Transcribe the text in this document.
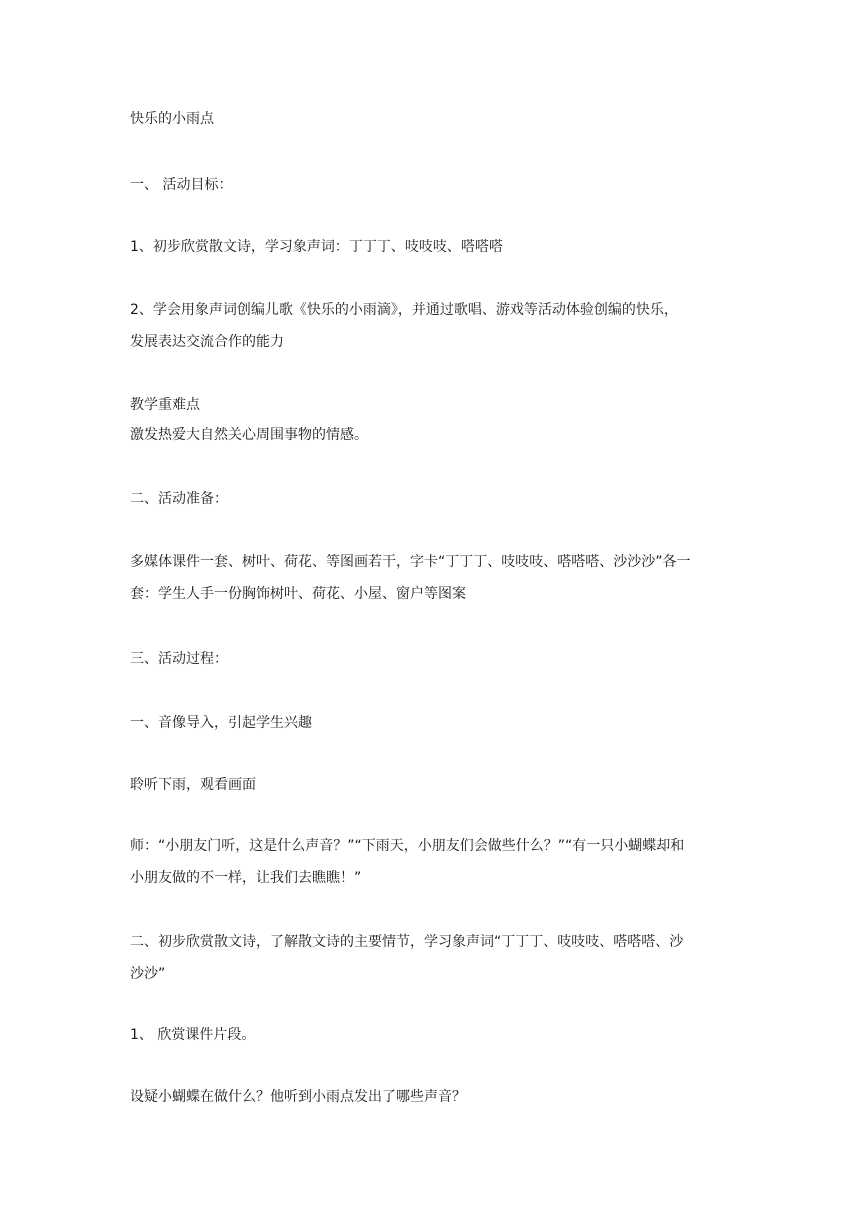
快乐的小雨点
一、 活动目标：
1、初步欣赏散文诗，学习象声词：丁丁丁、吱吱吱、嗒嗒嗒

2、学会用象声词创编儿歌《快乐的小雨滴》，并通过歌唱、游戏等活动体验创编的快乐，

发展表达交流合作的能力

教学重难点
激发热爱大自然关心周围事物的情感。
二、活动准备：

多媒体课件一套、树叶、荷花、等图画若干，字卡“丁丁丁、吱吱吱、嗒嗒嗒、沙沙沙”各一

套：学生人手一份胸饰树叶、荷花、小屋、窗户等图案

三、活动过程：
一、音像导入，引起学生兴趣
聆听下雨，观看画面

师：“小朋友门听，这是什么声音？”“下雨天，小朋友们会做些什么？”“有一只小蝴蝶却和

小朋友做的不一样，让我们去瞧瞧！”

二、初步欣赏散文诗，了解散文诗的主要情节，学习象声词“丁丁丁、吱吱吱、嗒嗒嗒、沙

沙沙”

1、 欣赏课件片段。
设疑小蝴蝶在做什么？他听到小雨点发出了哪些声音？
